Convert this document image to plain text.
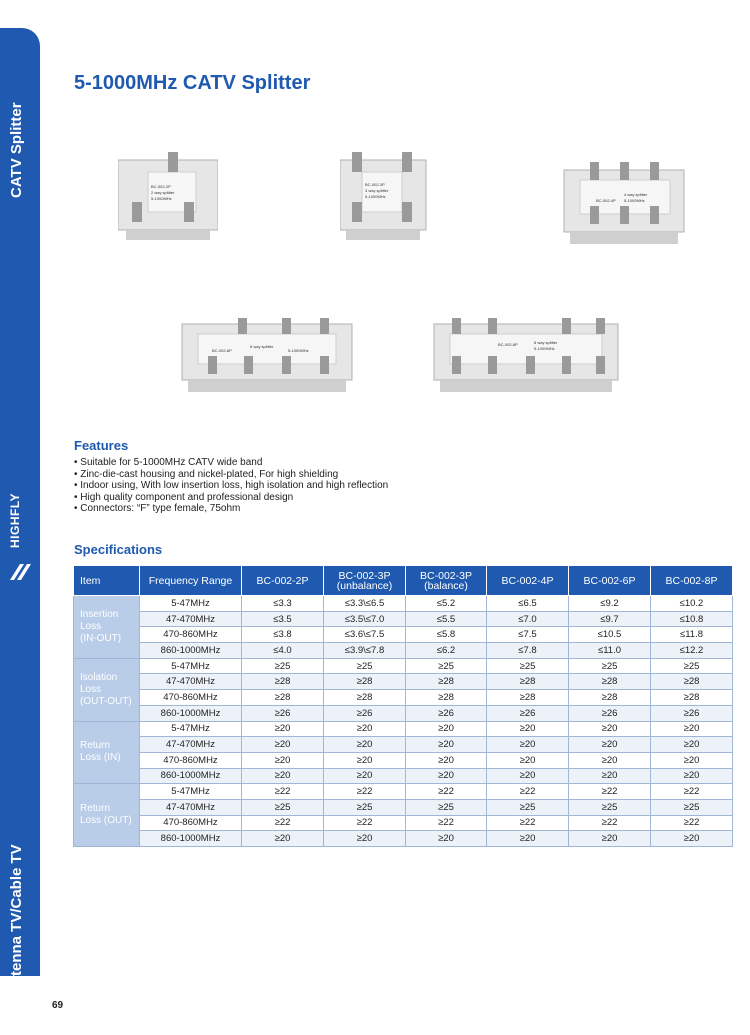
CATV Splitter
HIGHFLY
Antenna TV/Cable TV
5-1000MHz CATV Splitter
BC-002-2P
2 way splitter
5-1000MHz
BC-002-3P
3 way splitter
5-1000MHz
BC-002-4P
4 way splitter
5-1000MHz
BC-002-6P
6 way splitter
5-1000MHz
BC-002-8P	8 way splitter
5-1000MHz
Features
• Suitable for 5-1000MHz CATV wide band
• Zinc-die-cast housing and nickel-plated, For high shielding
• Indoor using, With low insertion loss, high isolation and high reflection
• High quality component and professional design
• Connectors: “F” type female, 75ohm
Specifications
Item	Frequency Range	BC-002-2P	BC-002-3P
(unbalance)	BC-002-3P
(balance)	BC-002-4P	BC-002-6P	BC-002-8P
Insertion
Loss
(IN-OUT)	5-47MHz	≤3.3	≤3.3\≤6.5	≤5.2	≤6.5	≤9.2	≤10.2
	47-470MHz	≤3.5	≤3.5\≤7.0	≤5.5	≤7.0	≤9.7	≤10.8
	470-860MHz	≤3.8	≤3.6\≤7.5	≤5.8	≤7.5	≤10.5	≤11.8
	860-1000MHz	≤4.0	≤3.9\≤7.8	≤6.2	≤7.8	≤11.0	≤12.2
Isolation
Loss
(OUT-OUT)	5-47MHz	≥25	≥25	≥25	≥25	≥25	≥25
	47-470MHz	≥28	≥28	≥28	≥28	≥28	≥28
	470-860MHz	≥28	≥28	≥28	≥28	≥28	≥28
	860-1000MHz	≥26	≥26	≥26	≥26	≥26	≥26
Return
Loss (IN)	5-47MHz	≥20	≥20	≥20	≥20	≥20	≥20
	47-470MHz	≥20	≥20	≥20	≥20	≥20	≥20
	470-860MHz	≥20	≥20	≥20	≥20	≥20	≥20
	860-1000MHz	≥20	≥20	≥20	≥20	≥20	≥20
Return
Loss (OUT)	5-47MHz	≥22	≥22	≥22	≥22	≥22	≥22
	47-470MHz	≥25	≥25	≥25	≥25	≥25	≥25
	470-860MHz	≥22	≥22	≥22	≥22	≥22	≥22
	860-1000MHz	≥20	≥20	≥20	≥20	≥20	≥20
69
